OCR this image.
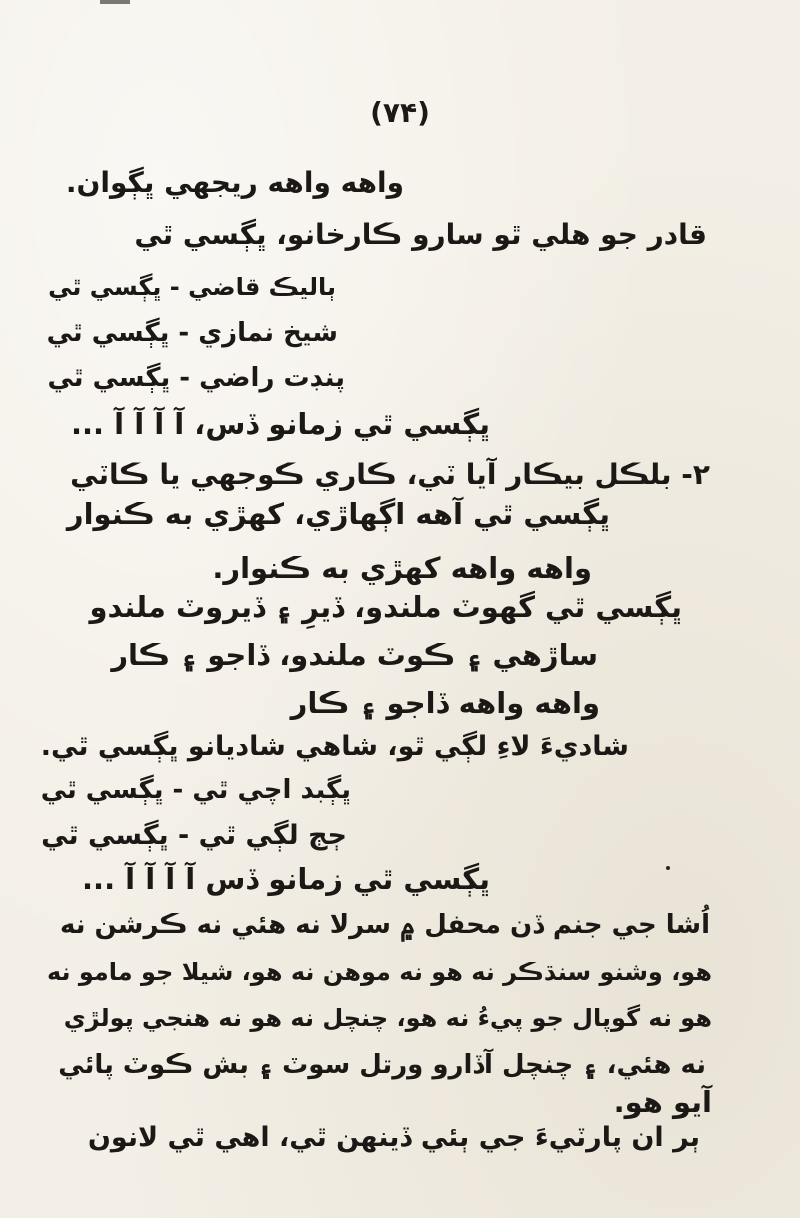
(٧۴)
واهه واهه ريجهي ڀڳوان.
قادر جو هلي ٿو سارو ڪارخانو، ڀڳسي ٿي
ٻاليڪ قاضي - ڀڳسي ٿي
شيخ نمازي - ڀڳسي ٿي
پنڊت راضي - ڀڳسي ٿي
ڀڳسي ٿي زمانو ڏس، آ آ آ آ ...
٢- بلڪل بيڪار آيا ٽي، ڪاري ڪوجهي يا ڪاٽي
ڀڳسي ٿي آهه اڳهاڙي، کهڙي به ڪنوار
واهه واهه کهڙي به ڪنوار.
ڀڳسي ٿي گهوٽ ملندو، ڏيرِ ۽ ڏيروٽ ملندو
ساڙهي ۽ ڪوٽ ملندو، ڏاجو ۽ ڪار
واهه واهه ڏاجو ۽ ڪار
شاديءَ لاءِ لڳي ٿو، شاهي شاديانو ڀڳسي ٿي.
ڀڳبد اچي ٿي - ڀڳسي ٿي
ڄڄ لڳي ٿي - ڀڳسي ٿي
ڀڳسي ٿي زمانو ڏس آ آ آ آ ...
اُشا جي جنم ڏن محفل ۾ سرلا نه هئي نه ڪرشن نه
هو، وشنو سنڌڪر نه هو نه موهن نه هو، شيلا جو مامو نه
هو نه گوپال جو پيءُ نه هو، چنچل نه هو نه هنجي پولڙي
نه هئي، ۽ چنچل آڏارو ورتل سوٽ ۽ بش ڪوٽ پائي
آيو هو.
ٻر ان پارٽيءَ جي ٻئي ڏينهن ٿي، اهي ٿي لانون
